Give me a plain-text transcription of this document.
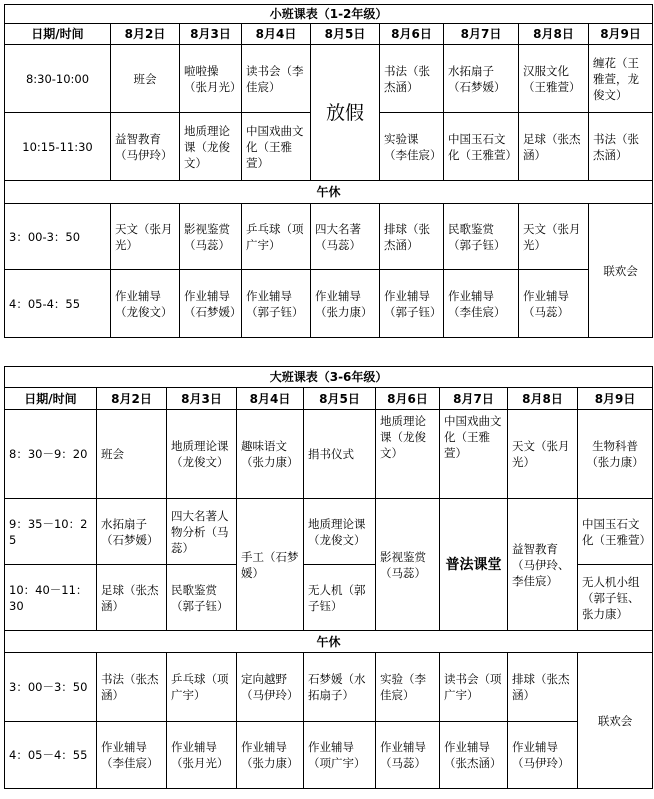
小班课表（1-2年级）								
日期/时间	8月2日	8月3日	8月4日	8月5日	8月6日	8月7日	8月8日	8月9日
8:30-10:00	班会	啦啦操（张月光）	读书会（李佳宸）	放假	书法（张杰涵）	水拓扇子（石梦媛）	汉服文化（王雅萱）	缠花（王雅萱，龙俊文）
10:15-11:30	益智教育（马伊玲）	地质理论课（龙俊文）	中国戏曲文化（王雅萱）		实验课（李佳宸）	中国玉石文化（王雅萱）	足球（张杰涵）	书法（张杰涵）
午休								
3：00-3：50	天文（张月光）	影视鉴赏（马蕊）	乒乓球（项广宇）	四大名著（马蕊）	排球（张杰涵）	民歌鉴赏（郭子钰）	天文（张月光）	联欢会
4：05-4：55	作业辅导（龙俊文）	作业辅导（石梦媛）	作业辅导（郭子钰）	作业辅导（张力康）	作业辅导（郭子钰）	作业辅导（李佳宸）	作业辅导（马蕊）	
大班课表（3-6年级）								
日期/时间	8月2日	8月3日	8月4日	8月5日	8月6日	8月7日	8月8日	8月9日
8：30－9：20	班会	地质理论课（龙俊文）	趣味语文（张力康）	捐书仪式	地质理论课（龙俊文）	中国戏曲文化（王雅萱）	天文（张月光）	生物科普（张力康）
9：35－10：25	水拓扇子（石梦媛）	四大名著人物分析（马蕊）	手工（石梦媛）	地质理论课（龙俊文）	影视鉴赏（马蕊）	普法课堂	益智教育（马伊玲、李佳宸）	中国玉石文化（王雅萱）
10：40－11：30	足球（张杰涵）	民歌鉴赏（郭子钰）		无人机（郭子钰）				无人机小组（郭子钰、张力康）
午休								
3：00－3：50	书法（张杰涵）	乒乓球（项广宇）	定向越野（马伊玲）	石梦媛（水拓扇子）	实验（李佳宸）	读书会（项广宇）	排球（张杰涵）	联欢会
4：05－4：55	作业辅导（李佳宸）	作业辅导（张月光）	作业辅导（张力康）	作业辅导（项广宇）	作业辅导（马蕊）	作业辅导（张杰涵）	作业辅导（马伊玲）	
